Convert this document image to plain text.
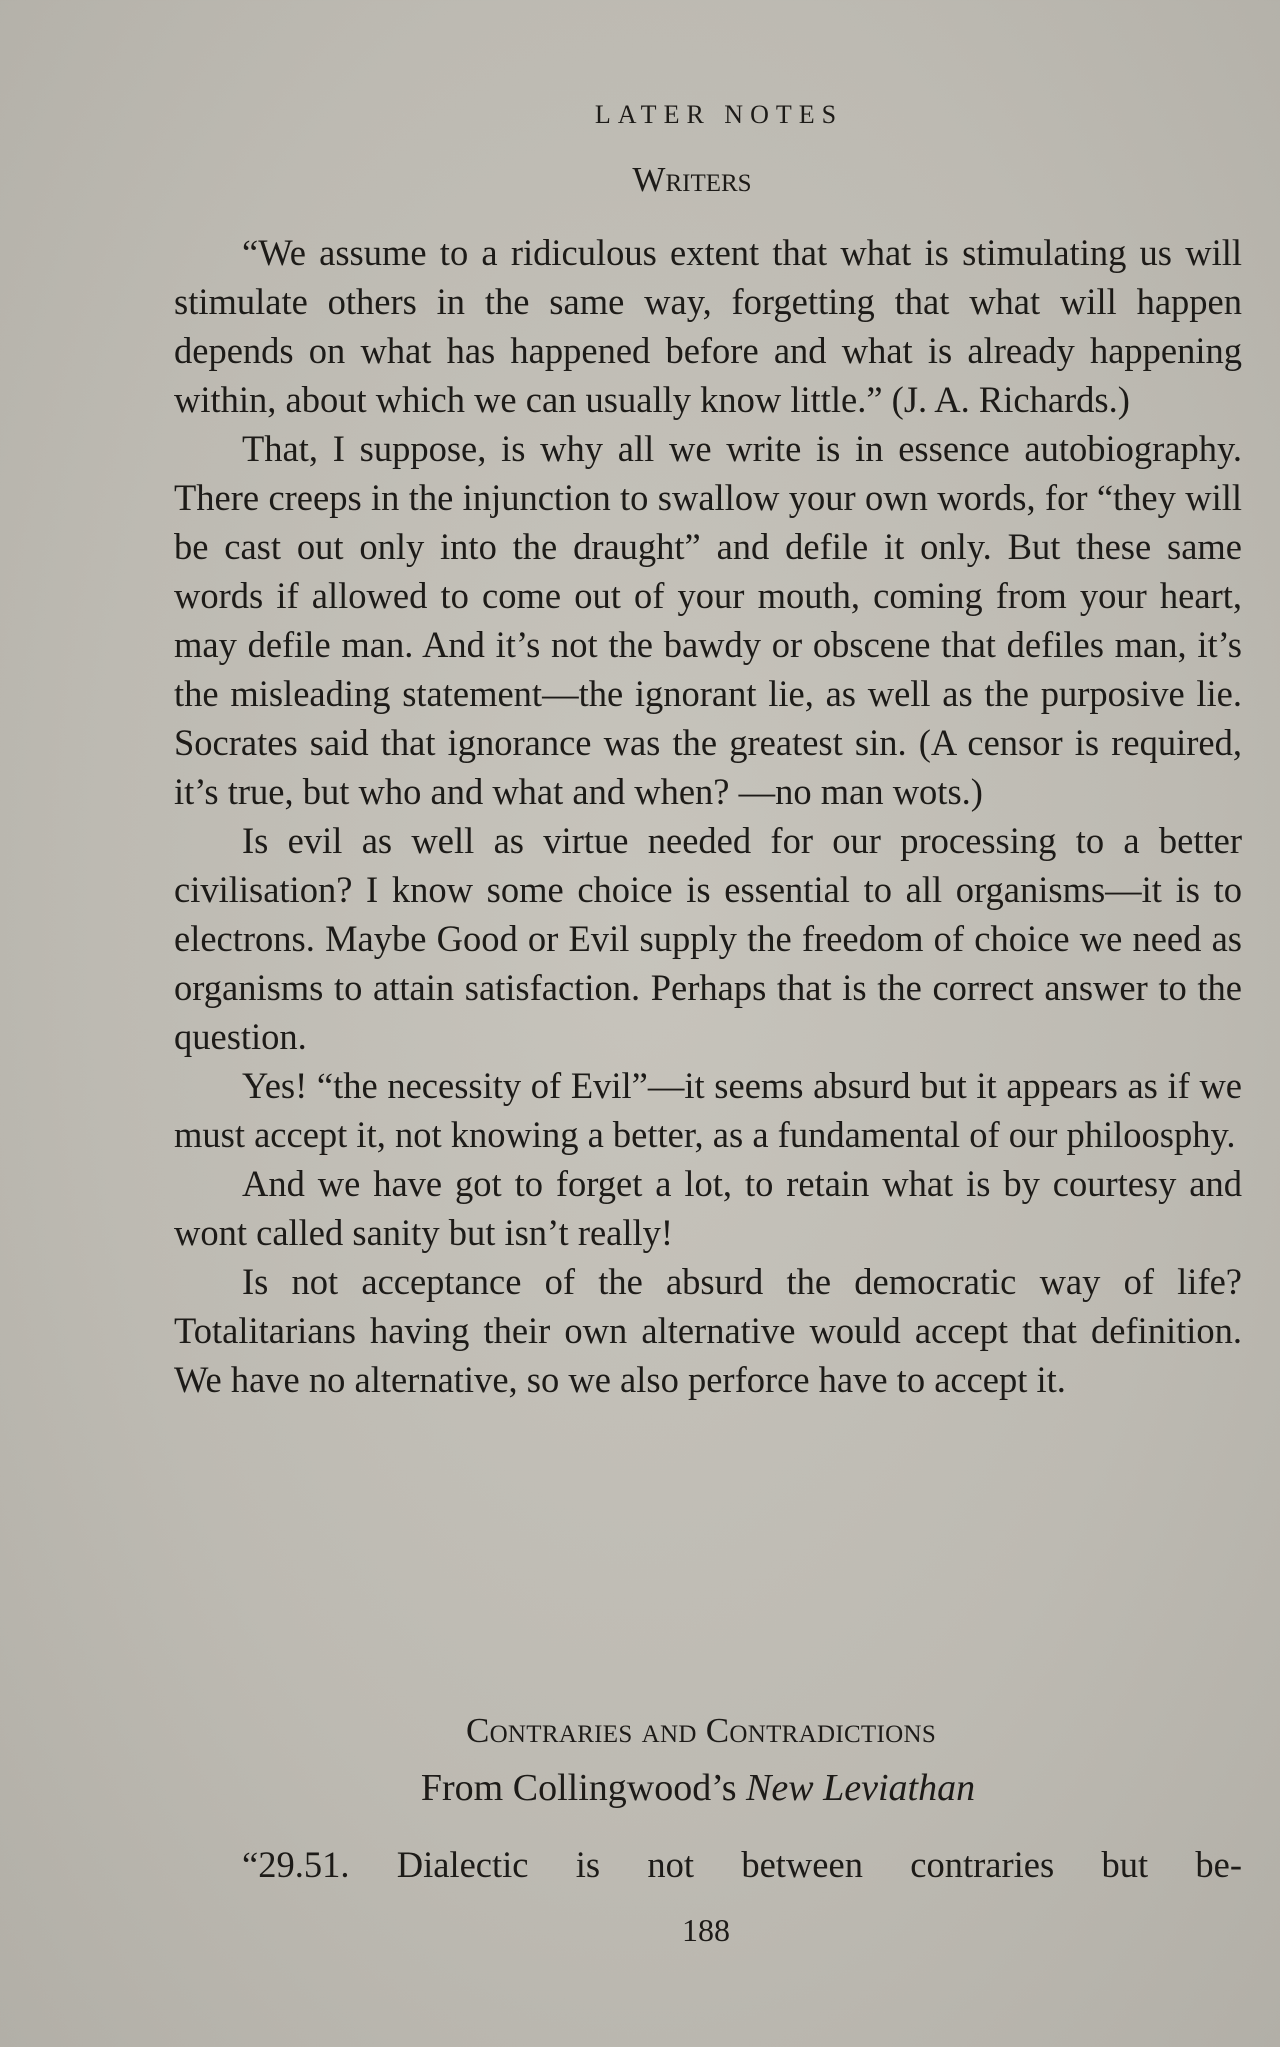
LATER NOTES
Writers

“We assume to a ridiculous extent that what is stimulating us will stimulate others in the same way, forgetting that what will happen depends on what has happened before and what is already happening within, about which we can usually know little.” (J. A. Richards.)

That, I suppose, is why all we write is in essence autobiography. There creeps in the injunction to swallow your own words, for “they will be cast out only into the draught” and defile it only. But these same words if allowed to come out of your mouth, coming from your heart, may defile man. And it’s not the bawdy or obscene that defiles man, it’s the misleading statement—the ignorant lie, as well as the purposive lie. Socrates said that ignorance was the greatest sin. (A censor is required, it’s true, but who and what and when? —no man wots.)

Is evil as well as virtue needed for our processing to a better civilisation? I know some choice is essential to all organisms—it is to electrons. Maybe Good or Evil supply the freedom of choice we need as organisms to attain satisfaction. Perhaps that is the correct answer to the question.

Yes! “the necessity of Evil”—it seems absurd but it appears as if we must accept it, not knowing a better, as a fundamental of our philoosphy.

And we have got to forget a lot, to retain what is by courtesy and wont called sanity but isn’t really!

Is not acceptance of the absurd the democratic way of life? Totalitarians having their own alternative would accept that definition. We have no alternative, so we also perforce have to accept it.

Contraries and Contradictions
From Collingwood’s New Leviathan
“29.51. Dialectic is not between contraries but be-
188
